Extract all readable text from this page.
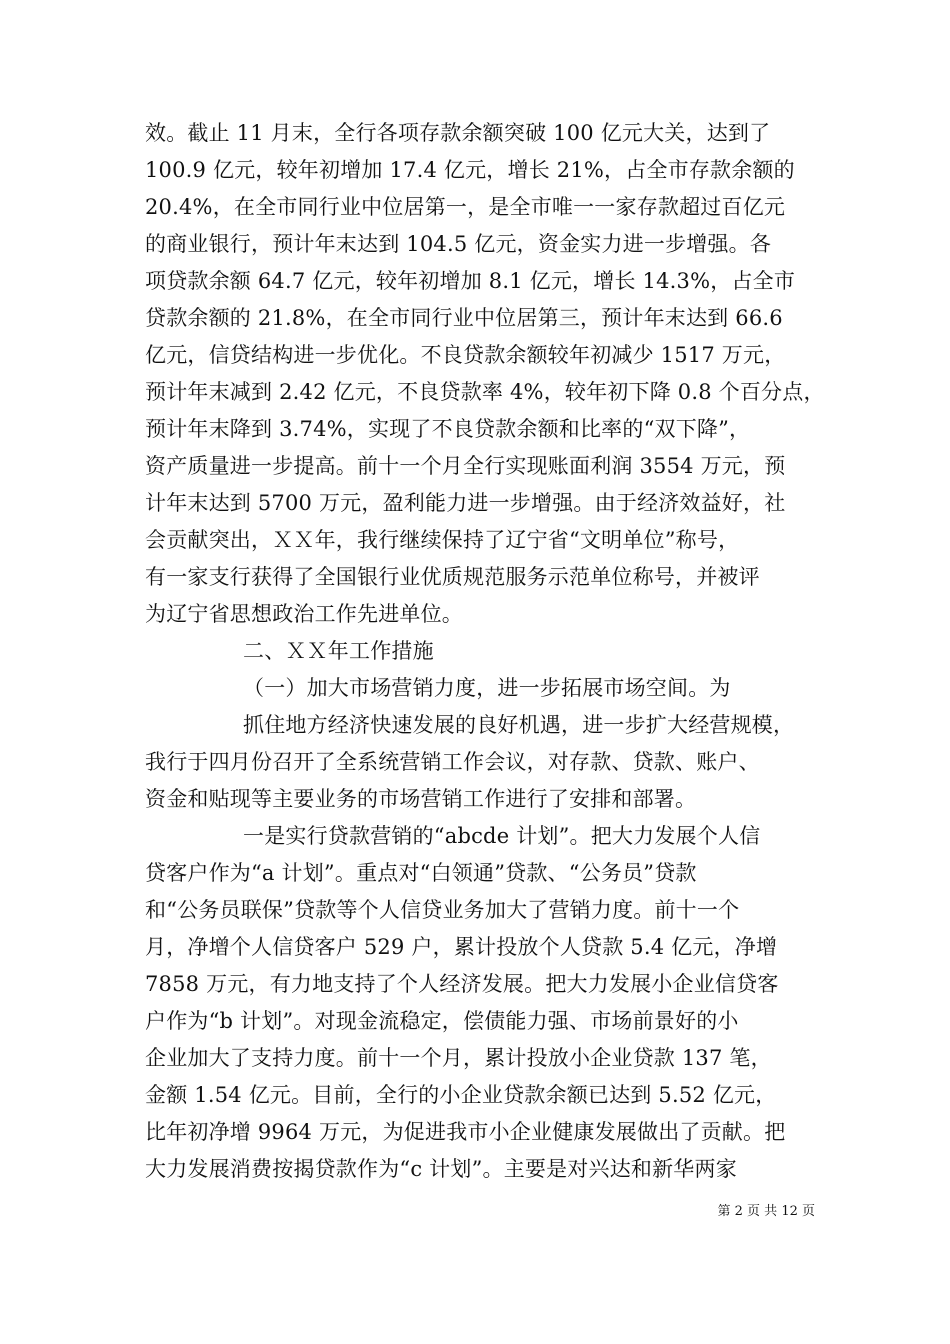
效。截止 11 月末，全行各项存款余额突破 100 亿元大关，达到了
100.9 亿元，较年初增加 17.4 亿元，增长 21%，占全市存款余额的
20.4%，在全市同行业中位居第一，是全市唯一一家存款超过百亿元
的商业银行，预计年末达到 104.5 亿元，资金实力进一步增强。各
项贷款余额 64.7 亿元，较年初增加 8.1 亿元，增长 14.3%，占全市
贷款余额的 21.8%，在全市同行业中位居第三，预计年末达到 66.6
亿元，信贷结构进一步优化。不良贷款余额较年初减少 1517 万元，
预计年末减到 2.42 亿元，不良贷款率 4%，较年初下降 0.8 个百分点，
预计年末降到 3.74%，实现了不良贷款余额和比率的“双下降”，
资产质量进一步提高。前十一个月全行实现账面利润 3554 万元，预
计年末达到 5700 万元，盈利能力进一步增强。由于经济效益好，社
会贡献突出，ＸＸ年，我行继续保持了辽宁省“文明单位”称号，
有一家支行获得了全国银行业优质规范服务示范单位称号，并被评
为辽宁省思想政治工作先进单位。
二、ＸＸ年工作措施
（一）加大市场营销力度，进一步拓展市场空间。为
抓住地方经济快速发展的良好机遇，进一步扩大经营规模，
我行于四月份召开了全系统营销工作会议，对存款、贷款、账户、
资金和贴现等主要业务的市场营销工作进行了安排和部署。
一是实行贷款营销的“abcde 计划”。把大力发展个人信
贷客户作为“a 计划”。重点对“白领通”贷款、“公务员”贷款
和“公务员联保”贷款等个人信贷业务加大了营销力度。前十一个
月，净增个人信贷客户 529 户，累计投放个人贷款 5.4 亿元，净增
7858 万元，有力地支持了个人经济发展。把大力发展小企业信贷客
户作为“b 计划”。对现金流稳定，偿债能力强、市场前景好的小
企业加大了支持力度。前十一个月，累计投放小企业贷款 137 笔，
金额 1.54 亿元。目前，全行的小企业贷款余额已达到 5.52 亿元，
比年初净增 9964 万元，为促进我市小企业健康发展做出了贡献。把
大力发展消费按揭贷款作为“c 计划”。主要是对兴达和新华两家
第 2 页 共 12 页
